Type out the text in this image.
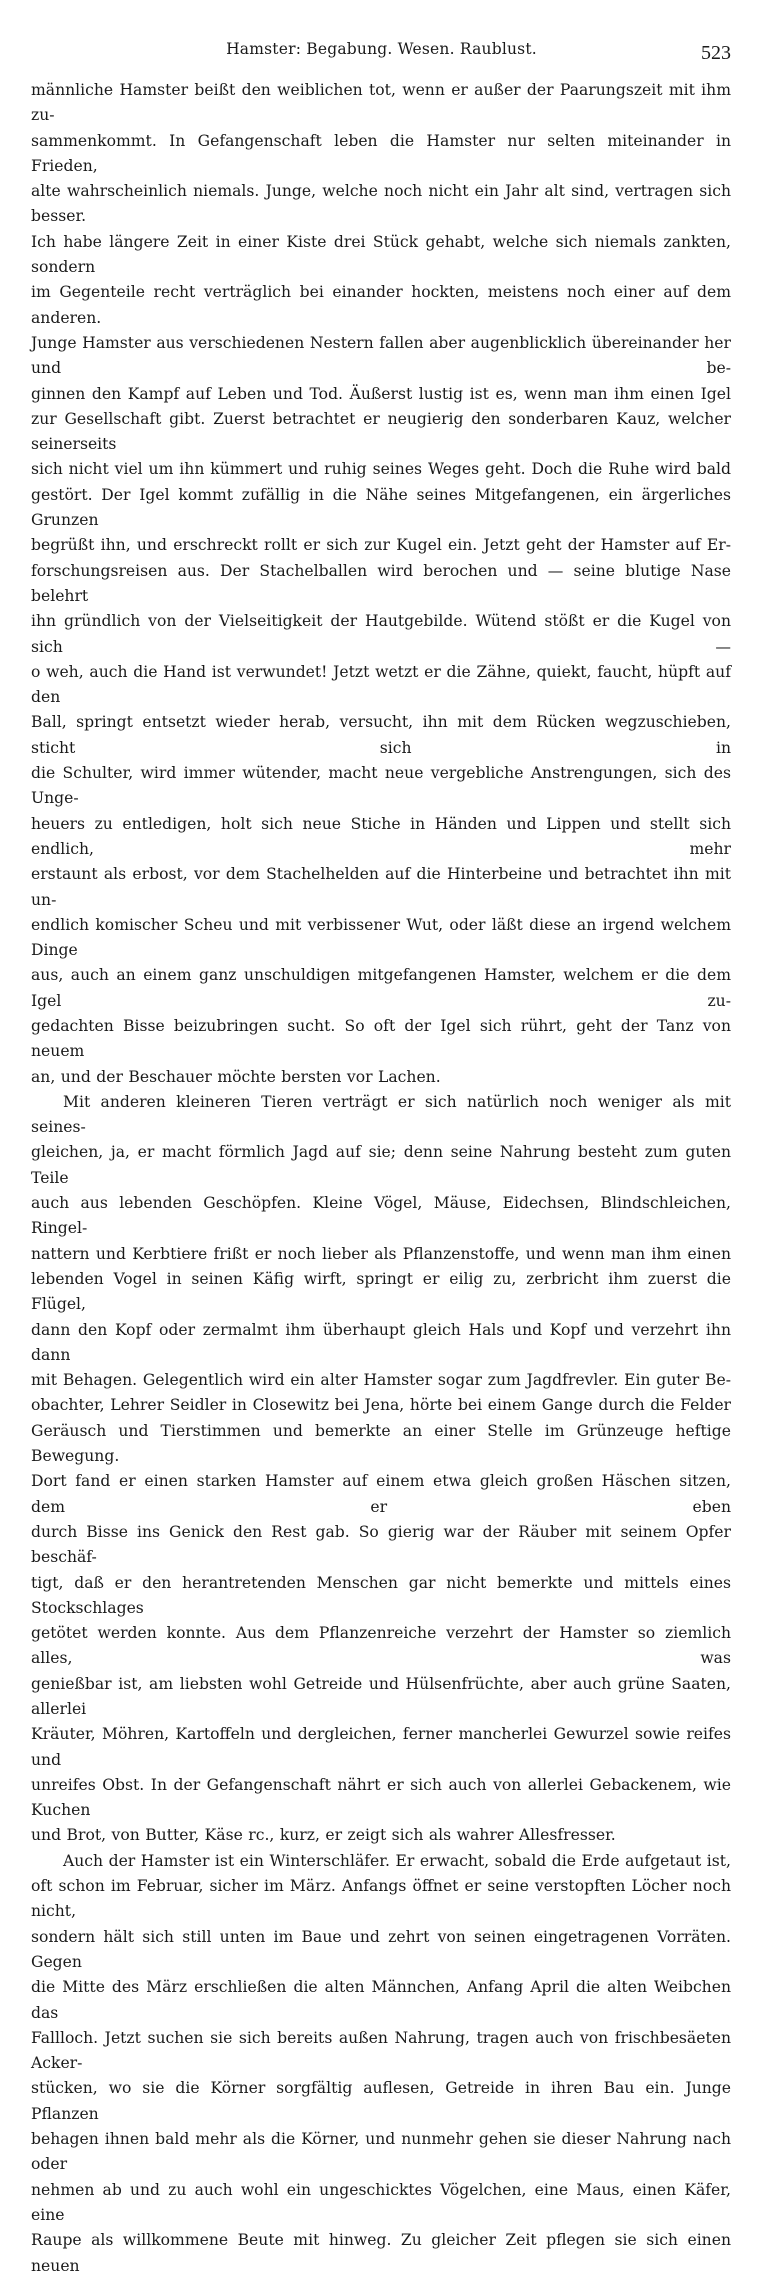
Hamster: Begabung. Wesen. Raublust.	523

männliche Hamster beißt den weiblichen tot, wenn er außer der Paarungszeit mit ihm zu-

sammenkommt. In Gefangenschaft leben die Hamster nur selten miteinander in Frieden,

alte wahrscheinlich niemals. Junge, welche noch nicht ein Jahr alt sind, vertragen sich besser.

Ich habe längere Zeit in einer Kiste drei Stück gehabt, welche sich niemals zankten, sondern

im Gegenteile recht verträglich bei einander hockten, meistens noch einer auf dem anderen.

Junge Hamster aus verschiedenen Nestern fallen aber augenblicklich übereinander her und be-

ginnen den Kampf auf Leben und Tod. Äußerst lustig ist es, wenn man ihm einen Igel

zur Gesellschaft gibt. Zuerst betrachtet er neugierig den sonderbaren Kauz, welcher seinerseits

sich nicht viel um ihn kümmert und ruhig seines Weges geht. Doch die Ruhe wird bald

gestört. Der Igel kommt zufällig in die Nähe seines Mitgefangenen, ein ärgerliches Grunzen

begrüßt ihn, und erschreckt rollt er sich zur Kugel ein. Jetzt geht der Hamster auf Er-

forschungsreisen aus. Der Stachelballen wird berochen und — seine blutige Nase belehrt

ihn gründlich von der Vielseitigkeit der Hautgebilde. Wütend stößt er die Kugel von sich —

o weh, auch die Hand ist verwundet! Jetzt wetzt er die Zähne, quiekt, faucht, hüpft auf den

Ball, springt entsetzt wieder herab, versucht, ihn mit dem Rücken wegzuschieben, sticht sich in

die Schulter, wird immer wütender, macht neue vergebliche Anstrengungen, sich des Unge-

heuers zu entledigen, holt sich neue Stiche in Händen und Lippen und stellt sich endlich, mehr

erstaunt als erbost, vor dem Stachelhelden auf die Hinterbeine und betrachtet ihn mit un-

endlich komischer Scheu und mit verbissener Wut, oder läßt diese an irgend welchem Dinge

aus, auch an einem ganz unschuldigen mitgefangenen Hamster, welchem er die dem Igel zu-

gedachten Bisse beizubringen sucht. So oft der Igel sich rührt, geht der Tanz von neuem

an, und der Beschauer möchte bersten vor Lachen.

Mit anderen kleineren Tieren verträgt er sich natürlich noch weniger als mit seines-

gleichen, ja, er macht förmlich Jagd auf sie; denn seine Nahrung besteht zum guten Teile

auch aus lebenden Geschöpfen. Kleine Vögel, Mäuse, Eidechsen, Blindschleichen, Ringel-

nattern und Kerbtiere frißt er noch lieber als Pflanzenstoffe, und wenn man ihm einen

lebenden Vogel in seinen Käfig wirft, springt er eilig zu, zerbricht ihm zuerst die Flügel,

dann den Kopf oder zermalmt ihm überhaupt gleich Hals und Kopf und verzehrt ihn dann

mit Behagen. Gelegentlich wird ein alter Hamster sogar zum Jagdfrevler. Ein guter Be-

obachter, Lehrer Seidler in Closewitz bei Jena, hörte bei einem Gange durch die Felder

Geräusch und Tierstimmen und bemerkte an einer Stelle im Grünzeuge heftige Bewegung.

Dort fand er einen starken Hamster auf einem etwa gleich großen Häschen sitzen, dem er eben

durch Bisse ins Genick den Rest gab. So gierig war der Räuber mit seinem Opfer beschäf-

tigt, daß er den herantretenden Menschen gar nicht bemerkte und mittels eines Stockschlages

getötet werden konnte. Aus dem Pflanzenreiche verzehrt der Hamster so ziemlich alles, was

genießbar ist, am liebsten wohl Getreide und Hülsenfrüchte, aber auch grüne Saaten, allerlei

Kräuter, Möhren, Kartoffeln und dergleichen, ferner mancherlei Gewurzel sowie reifes und

unreifes Obst. In der Gefangenschaft nährt er sich auch von allerlei Gebackenem, wie Kuchen

und Brot, von Butter, Käse rc., kurz, er zeigt sich als wahrer Allesfresser.

Auch der Hamster ist ein Winterschläfer. Er erwacht, sobald die Erde aufgetaut ist,

oft schon im Februar, sicher im März. Anfangs öffnet er seine verstopften Löcher noch nicht,

sondern hält sich still unten im Baue und zehrt von seinen eingetragenen Vorräten. Gegen

die Mitte des März erschließen die alten Männchen, Anfang April die alten Weibchen das

Fallloch. Jetzt suchen sie sich bereits außen Nahrung, tragen auch von frischbesäeten Acker-

stücken, wo sie die Körner sorgfältig auflesen, Getreide in ihren Bau ein. Junge Pflanzen

behagen ihnen bald mehr als die Körner, und nunmehr gehen sie dieser Nahrung nach oder

nehmen ab und zu auch wohl ein ungeschicktes Vögelchen, eine Maus, einen Käfer, eine

Raupe als willkommene Beute mit hinweg. Zu gleicher Zeit pflegen sie sich einen neuen
